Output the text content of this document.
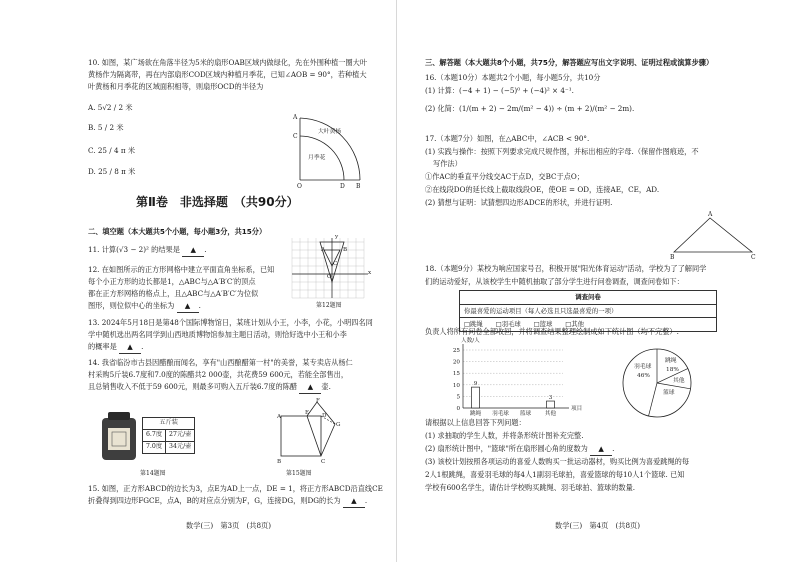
10. 如图，某广场欲在角落半径为5米的扇形OAB区域内做绿化，先在外围种植一圈大叶
黄杨作为隔离带，再在内部扇形COD区域内种植月季花，已知∠AOB = 90°，若种植大
叶黄杨和月季花的区域面积相等，则扇形OCD的半径为
A. 5√2 / 2 米
B. 5 / 2 米
C. 25 / 4 π 米
D. 25 / 8 π 米
A
C
O	D B
大叶黄杨
月季花
第Ⅱ卷　非选择题　（共90分）
二、填空题（本大题共5个小题，每小题3分，共15分）
11. 计算(√3 − 2)² 的结果是 ▲ .
12. 在如图所示的正方形网格中建立平面直角坐标系，已知
每个小正方形的边长都是1，△ABC与△A′B′C′的顶点
都在正方形网格的格点上，且△ABC与△A′B′C′为位似
图形，则位似中心的坐标为 ▲ .
x
y
O
A	B
C
第12题图
13. 2024年5月18日是第48个国际博物馆日，某班计划从小王，小李，小花，小明四名同
学中随机选出两名同学到山西地质博物馆参加主题日活动，则恰好选中小王和小李
的概率是 ▲ .
14. 我省临汾市古县因醋酿而闻名，享有"山西酿醋第一村"的美誉，某专卖店从杨仁
村采购5斤装6.7度和7.0度的陈醋共2 000壶，共花费59 600元，若能全部售出，
且总销售收入不低于59 600元，则最多可购入五斤装6.7度的陈醋 ▲ 壶.
五斤装	
6.7度	27元/壶
7.0度	34元/壶
第14题图
A
B	C
D
E
F
G
第15题图
15. 如图，正方形ABCD的边长为3，点E为AD上一点，DE = 1，将正方形ABCD沿直线CE
折叠得到四边形FGCE，点A，B的对应点分别为F，G，连接DG，则DG的长为 ▲ .
数学(三)　第3页　(共8页)
三、解答题（本大题共8个小题，共75分，解答题应写出文字说明、证明过程或演算步骤）
16.（本题10分）本题共2个小题，每小题5分，共10分
(1) 计算：(−4 + 1) − (−5)⁰ + (−4)² × 4⁻¹.
(2) 化简：(1/(m + 2) − 2m/(m² − 4)) ÷ (m + 2)/(m² − 2m).
17.（本题7分）如图，在△ABC中，∠ACB < 90°.
(1) 实践与操作：按照下列要求完成尺规作图，并标出相应的字母.（保留作图痕迹，不
写作法）
①作AC的垂直平分线交AC于点D，交BC于点O；
②在线段DO的延长线上截取线段OE，使OE = OD，连接AE，CE，AD.
(2) 猜想与证明：试猜想四边形ADCE的形状，并进行证明.
A
B	C
18.（本题9分）某校为响应国家号召，积极开展"阳光体育运动"活动，学校为了了解同学
们的运动爱好，从该校学生中随机抽取了部分学生进行问卷调查，调查问卷如下：
调查问卷
你最喜爱的运动项目（每人必选且只选最喜爱的一项）
□跳绳　　□羽毛球　　□篮球　　□其他
负责人将所有问卷全部收回，并将调查结果整理绘制成如下统计图（均不完整）.
0
5
10
15
20
25
人数/人
项目
跳绳
9
羽毛球 篮球 其他
3
羽毛球
46%
跳绳
18%
其他
篮球
请根据以上信息回答下列问题：
(1) 求抽取的学生人数，并将条形统计图补充完整.
(2) 扇形统计图中，"篮球"所在扇形圆心角的度数为 ▲ .
(3) 该校计划按照各项运动的喜爱人数购买一批运动器材，购买比例为喜爱跳绳的每
2人1根跳绳，喜爱羽毛球的每4人1副羽毛球拍，喜爱篮球的每10人1个篮球. 已知
学校有600名学生，请估计学校购买跳绳、羽毛球拍、篮球的数量.
数学(三)　第4页　(共8页)
